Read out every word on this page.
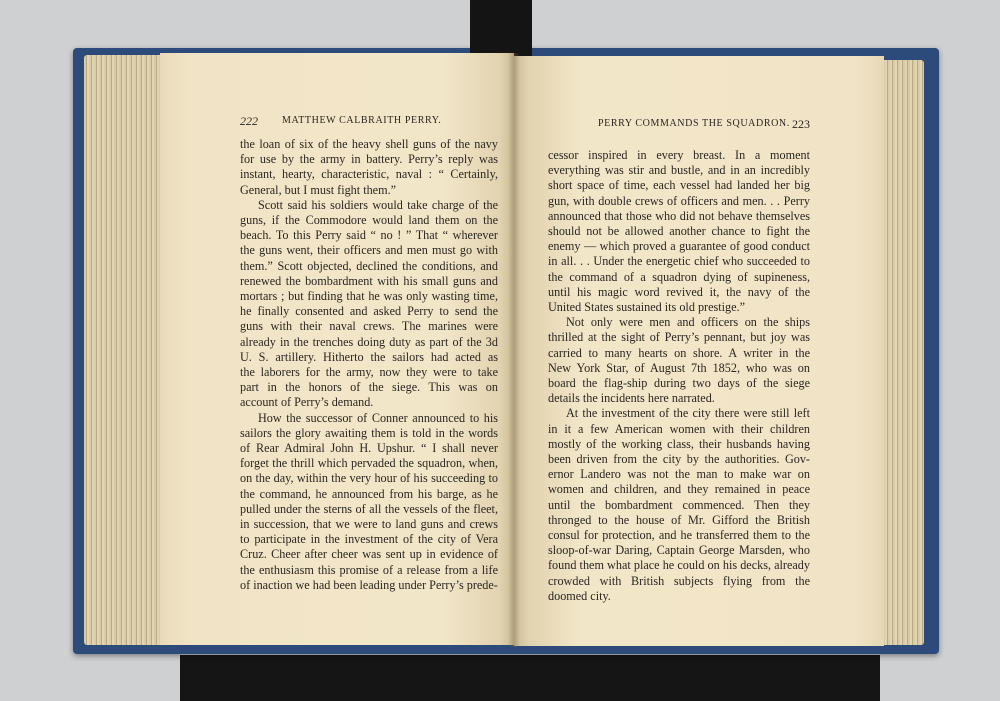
222 MATTHEW CALBRAITH PERRY.

the loan of six of the heavy shell guns of the navy
for use by the army in battery. Perry’s reply was
instant, hearty, characteristic, naval : “ Certainly,
General, but I must fight them.”

Scott said his soldiers would take charge of the
guns, if the Commodore would land them on the
beach. To this Perry said “ no ! ” That “ wherever
the guns went, their officers and men must go with
them.” Scott objected, declined the conditions, and
renewed the bombardment with his small guns and
mortars ; but finding that he was only wasting time,
he finally consented and asked Perry to send the
guns with their naval crews. The marines were
already in the trenches doing duty as part of the 3d
U. S. artillery. Hitherto the sailors had acted as
the laborers for the army, now they were to take
part in the honors of the siege. This was on
account of Perry’s demand.

How the successor of Conner announced to his
sailors the glory awaiting them is told in the words
of Rear Admiral John H. Upshur. “ I shall never
forget the thrill which pervaded the squadron, when,
on the day, within the very hour of his succeeding to
the command, he announced from his barge, as he
pulled under the sterns of all the vessels of the fleet,
in succession, that we were to land guns and crews
to participate in the investment of the city of Vera
Cruz. Cheer after cheer was sent up in evidence of
the enthusiasm this promise of a release from a life
of inaction we had been leading under Perry’s prede-

PERRY COMMANDS THE SQUADRON. 223

cessor inspired in every breast. In a moment
everything was stir and bustle, and in an incredibly
short space of time, each vessel had landed her big
gun, with double crews of officers and men. . . Perry
announced that those who did not behave themselves
should not be allowed another chance to fight the
enemy — which proved a guarantee of good conduct
in all. . . Under the energetic chief who succeeded to
the command of a squadron dying of supineness,
until his magic word revived it, the navy of the
United States sustained its old prestige.”

Not only were men and officers on the ships
thrilled at the sight of Perry’s pennant, but joy was
carried to many hearts on shore. A writer in the
New York Star, of August 7th 1852, who was on
board the flag-ship during two days of the siege
details the incidents here narrated.

At the investment of the city there were still left
in it a few American women with their children
mostly of the working class, their husbands having
been driven from the city by the authorities. Gov-
ernor Landero was not the man to make war on
women and children, and they remained in peace
until the bombardment commenced. Then they
thronged to the house of Mr. Gifford the British
consul for protection, and he transferred them to the
sloop-of-war Daring, Captain George Marsden, who
found them what place he could on his decks, already
crowded with British subjects flying from the
doomed city.
